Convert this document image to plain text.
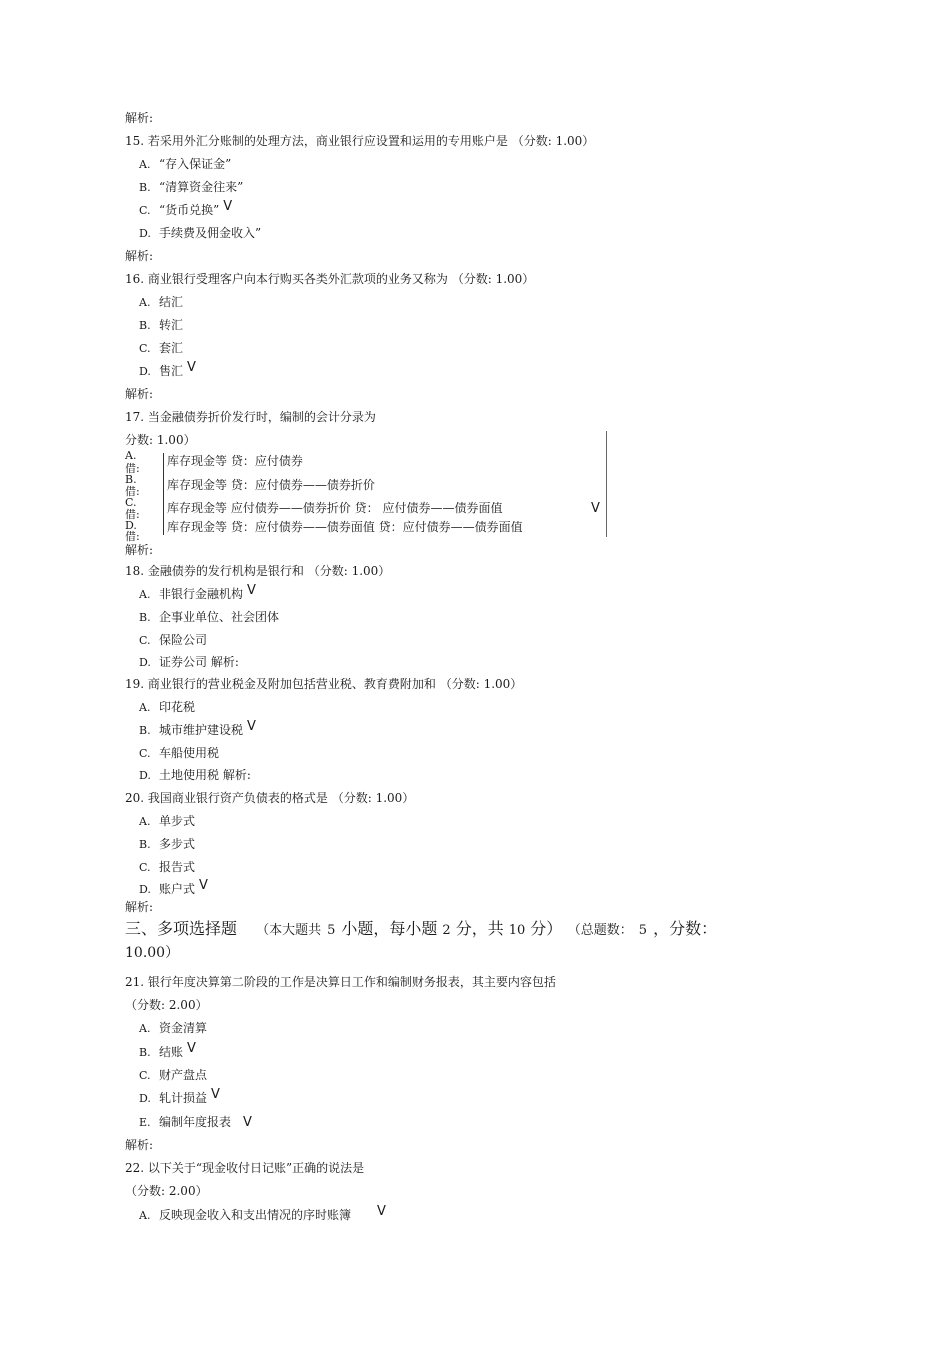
解析:
15. 若采用外汇分账制的处理方法，商业银行应设置和运用的专用账户是 （分数: 1.00）
A. “存入保证金”
B. “清算资金往来”
C. “货币兑换” V
D. 手续费及佣金收入”
解析:
16. 商业银行受理客户向本行购买各类外汇款项的业务又称为 （分数: 1.00）
A. 结汇
B. 转汇
C. 套汇
D. 售汇 V
解析:
17. 当金融债券折价发行时，编制的会计分录为
分数: 1.00）
A.
借:
B.
借:
C.
借:
D.
借:
库存现金等 贷：应付债券
库存现金等 贷：应付债券——债券折价
库存现金等 应付债券——债券折价 贷： 应付债券——债券面值
库存现金等 贷：应付债券——债券面值 贷：应付债券——债券面值
V
解析:
18. 金融债券的发行机构是银行和 （分数: 1.00）
A. 非银行金融机构 V
B. 企事业单位、社会团体
C. 保险公司
D. 证券公司 解析:
19. 商业银行的营业税金及附加包括营业税、教育费附加和 （分数: 1.00）
A. 印花税
B. 城市维护建设税 V
C. 车船使用税
D. 土地使用税 解析:
20. 我国商业银行资产负债表的格式是 （分数: 1.00）
A. 单步式
B. 多步式
C. 报告式
D. 账户式 V
解析:
三、多项选择题 （本大题共 5 小题，每小题 2 分，共 10 分） （总题数： 5 ，分数：
10.00）
21. 银行年度决算第二阶段的工作是决算日工作和编制财务报表，其主要内容包括
（分数: 2.00）
A. 资金清算
B. 结账 V
C. 财产盘点
D. 轧计损益 V
E. 编制年度报表 V
解析:
22. 以下关于“现金收付日记账”正确的说法是
（分数: 2.00）
A. 反映现金收入和支出情况的序时账簿 V
